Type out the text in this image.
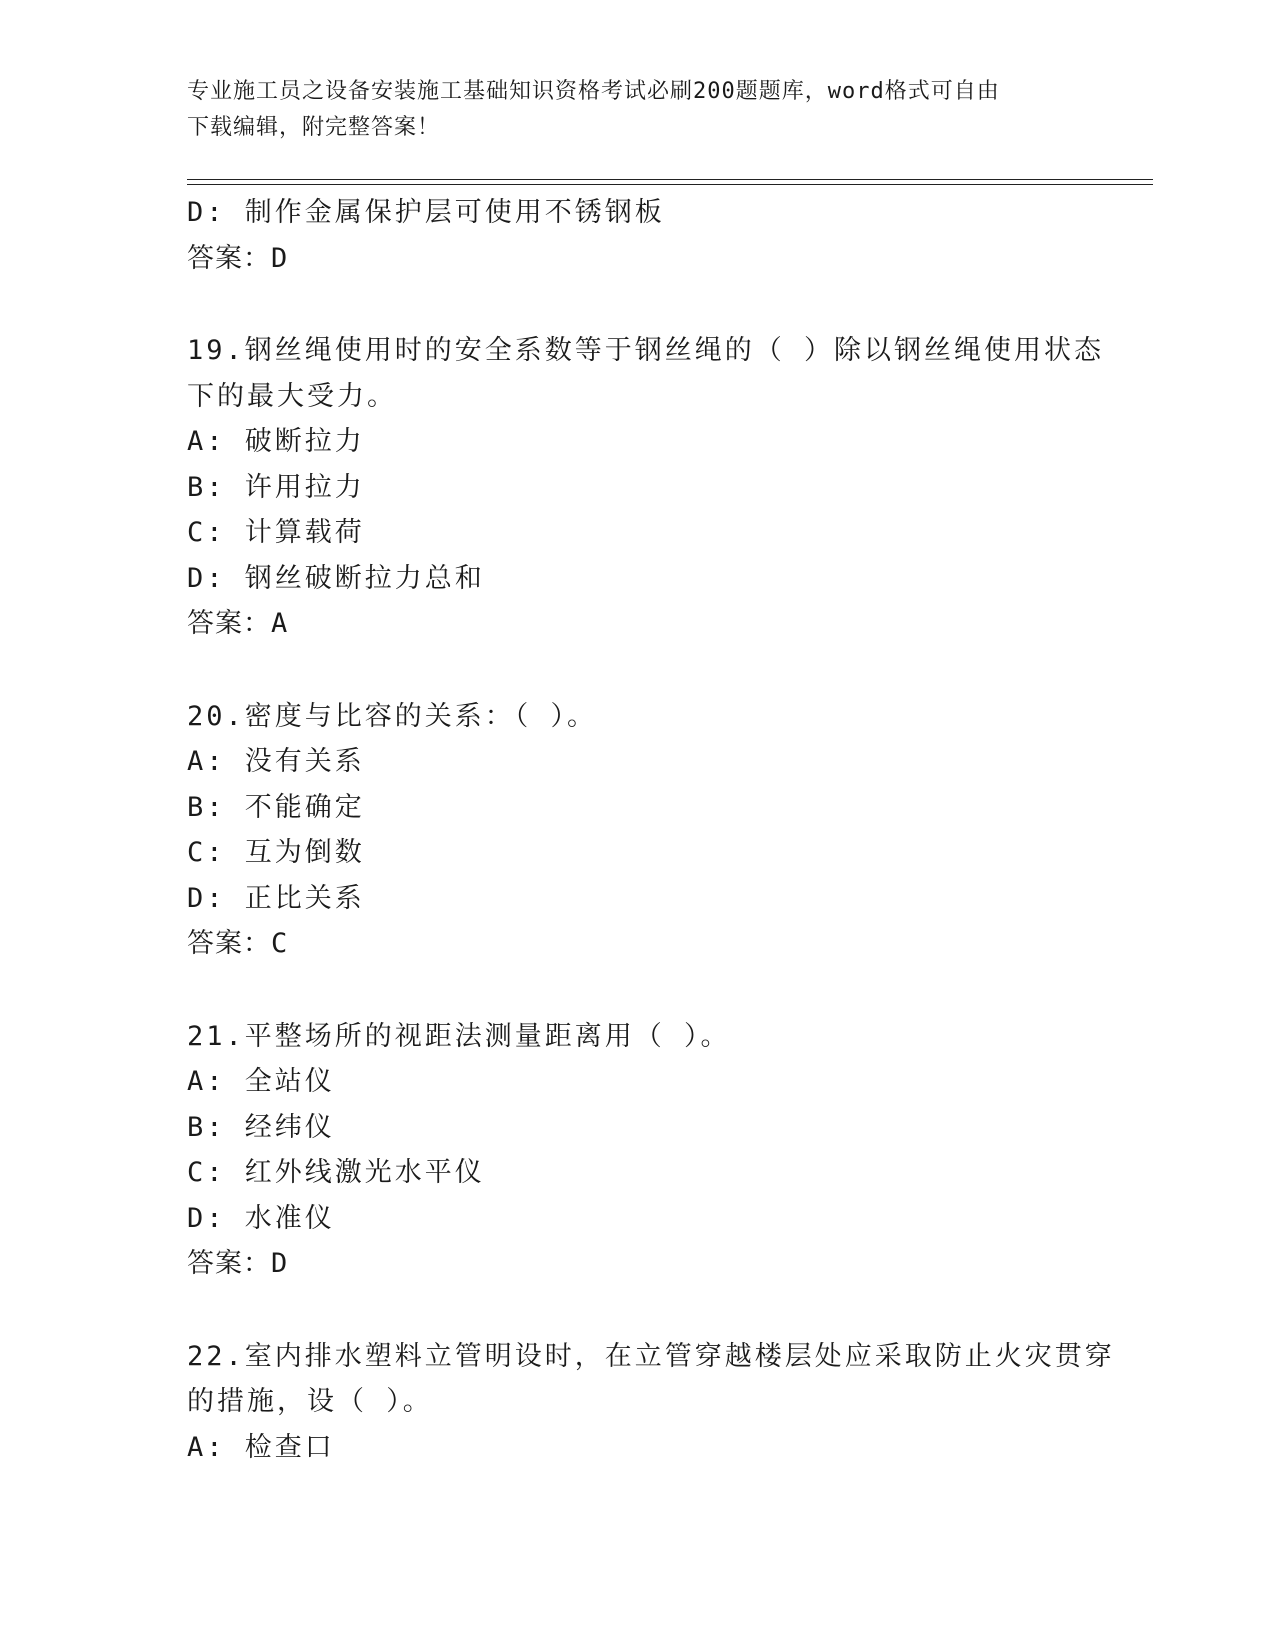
专业施工员之设备安装施工基础知识资格考试必刷200题题库，word格式可自由
下载编辑，附完整答案！
D: 制作金属保护层可使用不锈钢板
答案：D
19.钢丝绳使用时的安全系数等于钢丝绳的（ ）除以钢丝绳使用状态
下的最大受力。
A: 破断拉力
B: 许用拉力
C: 计算载荷
D: 钢丝破断拉力总和
答案：A
20.密度与比容的关系：（ ）。
A: 没有关系
B: 不能确定
C: 互为倒数
D: 正比关系
答案：C
21.平整场所的视距法测量距离用（ ）。
A: 全站仪
B: 经纬仪
C: 红外线激光水平仪
D: 水准仪
答案：D
22.室内排水塑料立管明设时，在立管穿越楼层处应采取防止火灾贯穿
的措施，设（ ）。
A: 检查口
